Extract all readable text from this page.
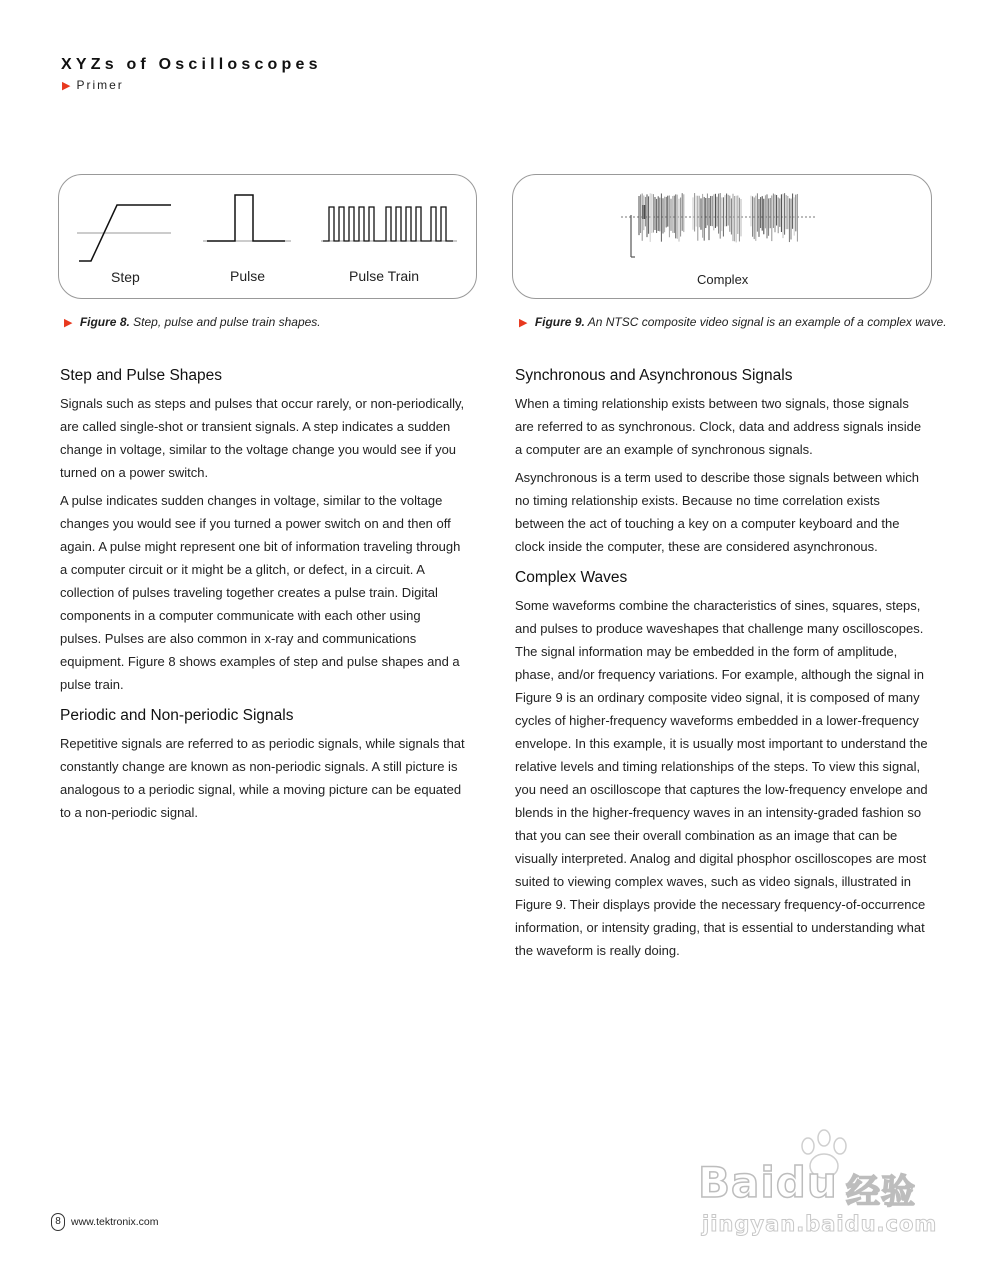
XYZs of Oscilloscopes
▶ Primer
Step	Pulse	Pulse Train
▶ Figure 8. Step, pulse and pulse train shapes.
Complex
▶ Figure 9. An NTSC composite video signal is an example of a complex wave.
Step and Pulse Shapes

Signals such as steps and pulses that occur rarely, or non-periodically, are called single-shot or transient signals. A step indicates a sudden change in voltage, similar to the voltage change you would see if you turned on a power switch.

A pulse indicates sudden changes in voltage, similar to the voltage changes you would see if you turned a power switch on and then off again. A pulse might represent one bit of information traveling through a computer circuit or it might be a glitch, or defect, in a circuit. A collection of pulses traveling together creates a pulse train. Digital components in a computer communicate with each other using pulses. Pulses are also common in x-ray and communications equipment. Figure 8 shows examples of step and pulse shapes and a pulse train.

Periodic and Non-periodic Signals

Repetitive signals are referred to as periodic signals, while signals that constantly change are known as non-periodic signals. A still picture is analogous to a periodic signal, while a moving picture can be equated to a non-periodic signal.

Synchronous and Asynchronous Signals

When a timing relationship exists between two signals, those signals are referred to as synchronous. Clock, data and address signals inside a computer are an example of synchronous signals.

Asynchronous is a term used to describe those signals between which no timing relationship exists. Because no time correlation exists between the act of touching a key on a computer keyboard and the clock inside the computer, these are considered asynchronous.

Complex Waves

Some waveforms combine the characteristics of sines, squares, steps, and pulses to produce waveshapes that challenge many oscilloscopes. The signal information may be embedded in the form of amplitude, phase, and/or frequency variations. For example, although the signal in Figure 9 is an ordinary composite video signal, it is composed of many cycles of higher-frequency waveforms embedded in a lower-frequency envelope. In this example, it is usually most important to understand the relative levels and timing relationships of the steps. To view this signal, you need an oscilloscope that captures the low-frequency envelope and blends in the higher-frequency waves in an intensity-graded fashion so that you can see their overall combination as an image that can be visually interpreted. Analog and digital phosphor oscilloscopes are most suited to viewing complex waves, such as video signals, illustrated in Figure 9. Their displays provide the necessary frequency-of-occurrence information, or intensity grading, that is essential to understanding what the waveform is really doing.

8 www.tektronix.com
Baidu 经验
jingyan.baidu.com
